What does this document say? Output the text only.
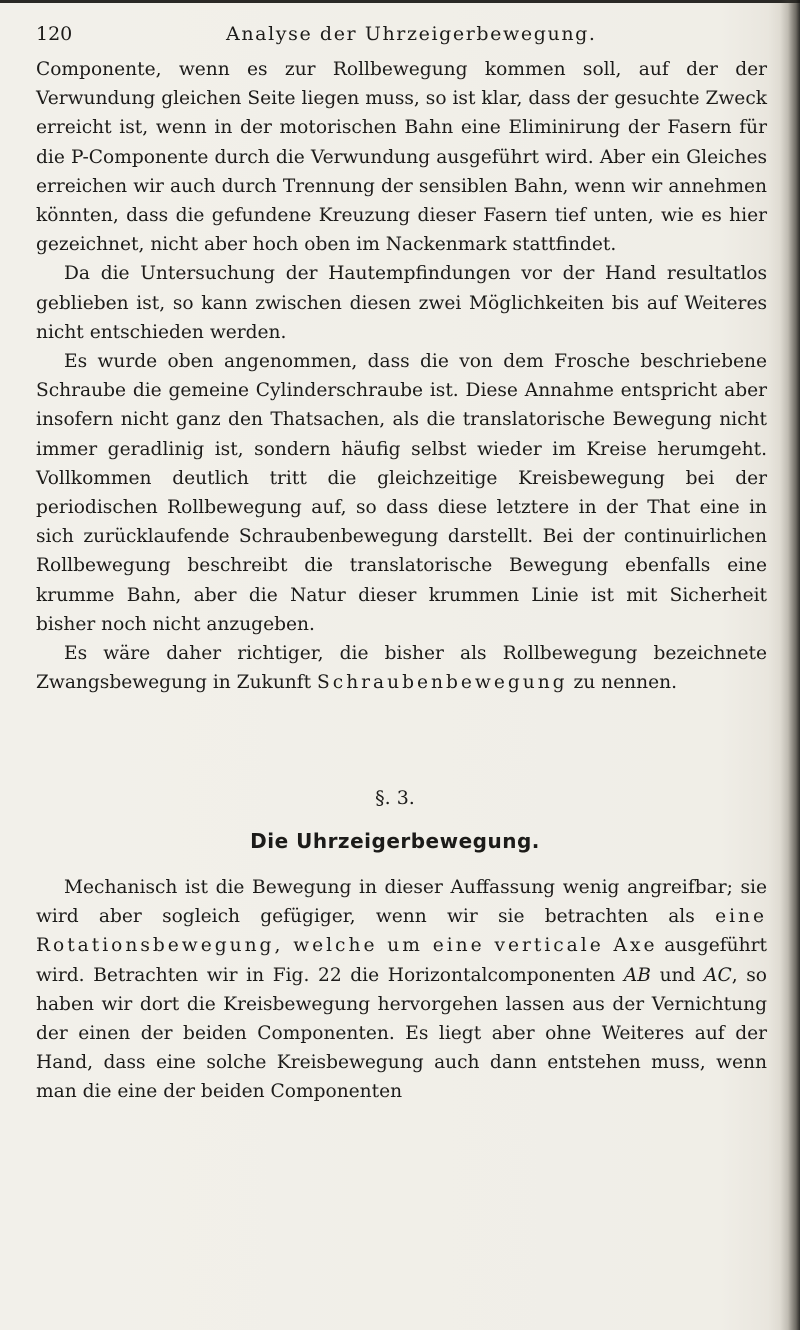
120	Analyse der Uhrzeigerbewegung.

Componente, wenn es zur Rollbewegung kommen soll, auf der der Verwundung gleichen Seite liegen muss, so ist klar, dass der gesuchte Zweck erreicht ist, wenn in der motorischen Bahn eine Eliminirung der Fasern für die P-Componente durch die Verwundung ausgeführt wird. Aber ein Gleiches erreichen wir auch durch Trennung der sensiblen Bahn, wenn wir annehmen könnten, dass die gefundene Kreuzung dieser Fasern tief unten, wie es hier gezeichnet, nicht aber hoch oben im Nackenmark stattfindet.

Da die Untersuchung der Hautempfindungen vor der Hand resultatlos geblieben ist, so kann zwischen diesen zwei Möglichkeiten bis auf Weiteres nicht entschieden werden.

Es wurde oben angenommen, dass die von dem Frosche beschriebene Schraube die gemeine Cylinderschraube ist. Diese Annahme entspricht aber insofern nicht ganz den Thatsachen, als die translatorische Bewegung nicht immer geradlinig ist, sondern häufig selbst wieder im Kreise herumgeht. Vollkommen deutlich tritt die gleichzeitige Kreisbewegung bei der periodischen Rollbewegung auf, so dass diese letztere in der That eine in sich zurücklaufende Schraubenbewegung darstellt. Bei der continuirlichen Rollbewegung beschreibt die translatorische Bewegung ebenfalls eine krumme Bahn, aber die Natur dieser krummen Linie ist mit Sicherheit bisher noch nicht anzugeben.

Es wäre daher richtiger, die bisher als Rollbewegung bezeichnete Zwangsbewegung in Zukunft Schraubenbewegung zu nennen.

§. 3.
Die Uhrzeigerbewegung.

Mechanisch ist die Bewegung in dieser Auffassung wenig angreifbar; sie wird aber sogleich gefügiger, wenn wir sie betrachten als eine Rotationsbewegung, welche um eine verticale Axe ausgeführt wird. Betrachten wir in Fig. 22 die Horizontalcomponenten AB und AC, so haben wir dort die Kreisbewegung hervorgehen lassen aus der Vernichtung der einen der beiden Componenten. Es liegt aber ohne Weiteres auf der Hand, dass eine solche Kreisbewegung auch dann entstehen muss, wenn man die eine der beiden Componenten
